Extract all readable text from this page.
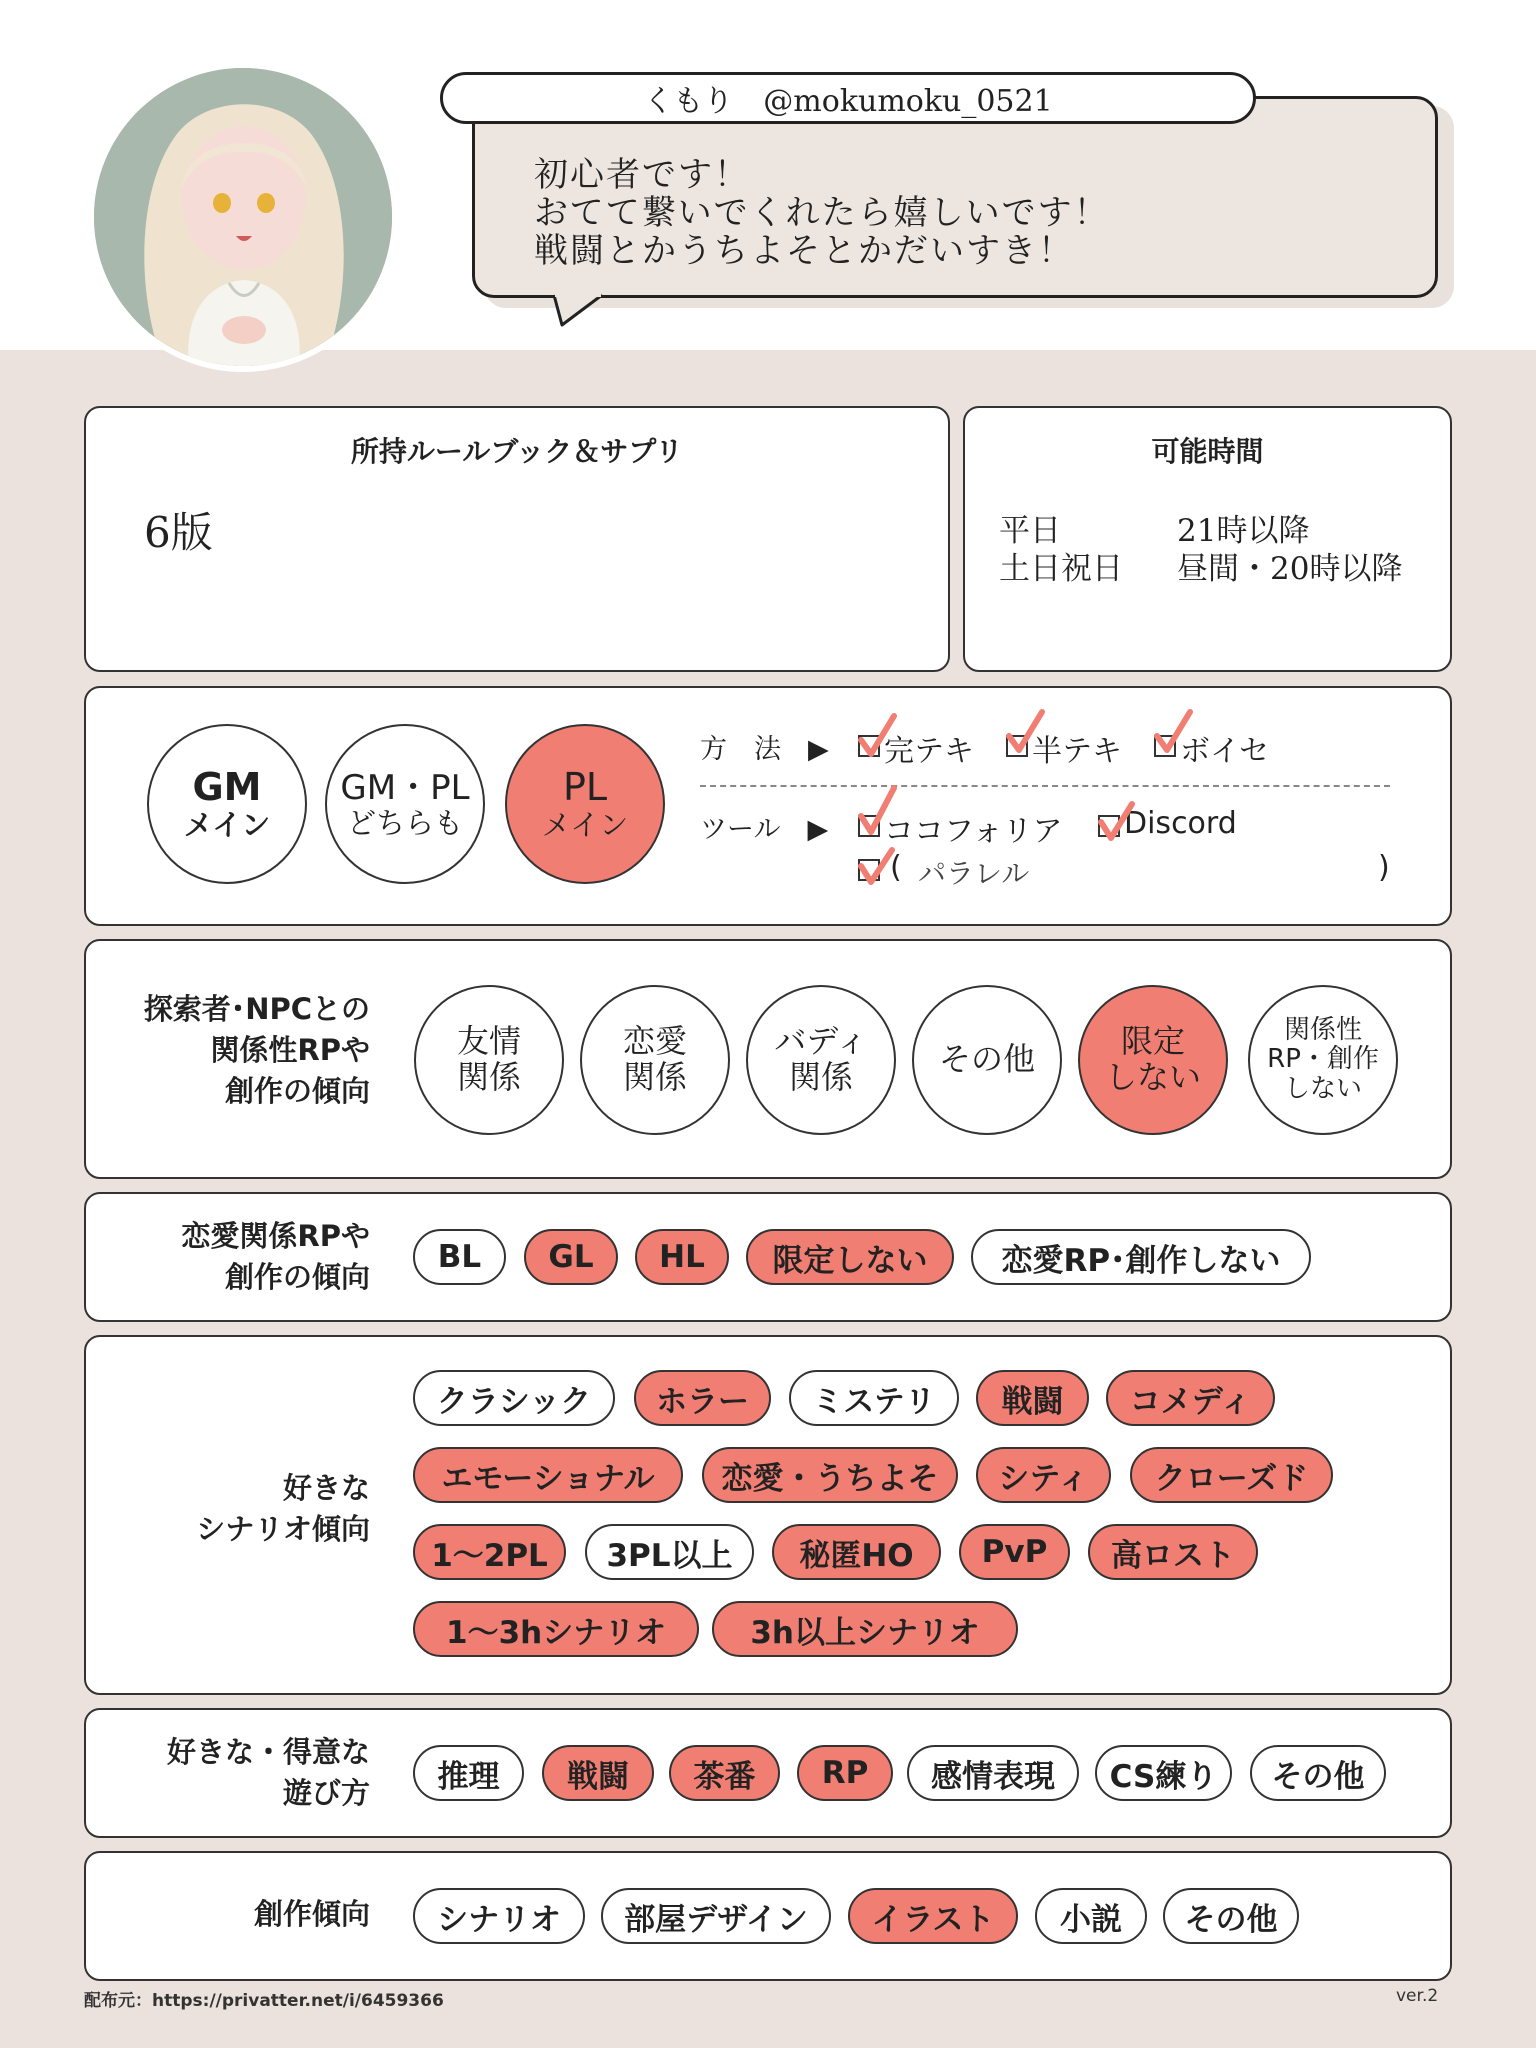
くもり　@mokumoku_0521
初心者です！
おてて繋いでくれたら嬉しいです！
戦闘とかうちよそとかだいすき！
所持ルールブック＆サプリ
6版
可能時間
平日	21時以降
土日祝日 昼間・20時以降
GM
メイン
GM・PL
どちらも
PL
メイン
方　法　▶ 完テキ 半テキ ボイセ
ツール　▶ ココフォリア Discord
( パラレル	)
探索者･NPCとの
関係性RPや
創作の傾向
友情
関係
恋愛
関係
バディ
関係	その他	限定
しない
関係性
RP・創作
しない
恋愛関係RPや
創作の傾向
BL	GL	HL	限定しない	恋愛RP･創作しない
好きな
シナリオ傾向
クラシック	ホラー	ミステリ	戦闘	コメディ
エモーショナル	恋愛・うちよそ	シティ	クローズド
1～2PL	3PL以上	秘匿HO	PvP	高ロスト
1～3hシナリオ	3h以上シナリオ
好きな・得意な
遊び方	推理	戦闘	茶番	RP	感情表現	CS練り	その他
創作傾向	シナリオ	部屋デザイン	イラスト	小説	その他
配布元：https://privatter.net/i/6459366	ver.2
